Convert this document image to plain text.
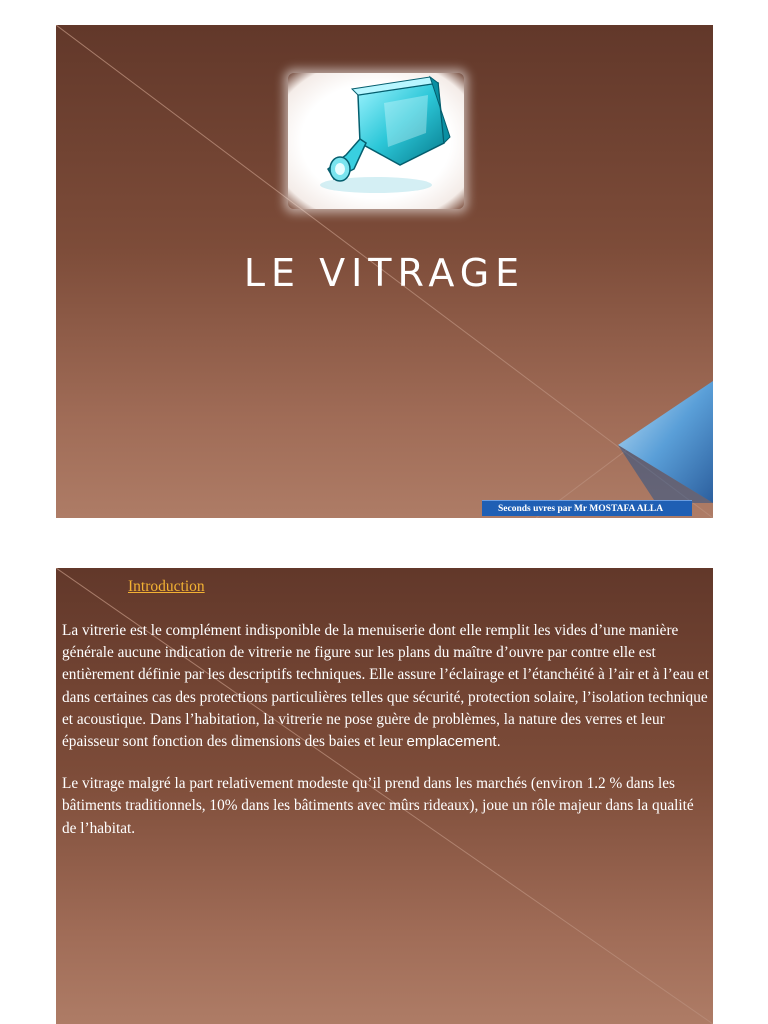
LE VITRAGE
Seconds uvres par Mr MOSTAFA ALLA
Introduction

La vitrerie est le complément indisponible de la menuiserie dont elle remplit les vides d’une manière générale aucune indication de vitrerie ne figure sur les plans du maître d’ouvre par contre elle est entièrement définie par les descriptifs techniques. Elle assure l’éclairage et l’étanchéité à l’air et à l’eau et dans certaines cas des protections particulières telles que sécurité, protection solaire, l’isolation technique et acoustique. Dans l’habitation, la vitrerie ne pose guère de problèmes, la nature des verres et leur épaisseur sont fonction des dimensions des baies et leur emplacement.

Le vitrage malgré la part relativement modeste qu’il prend dans les marchés (environ 1.2 % dans les bâtiments traditionnels, 10% dans les bâtiments avec mûrs rideaux), joue un rôle majeur dans la qualité de l’habitat.
